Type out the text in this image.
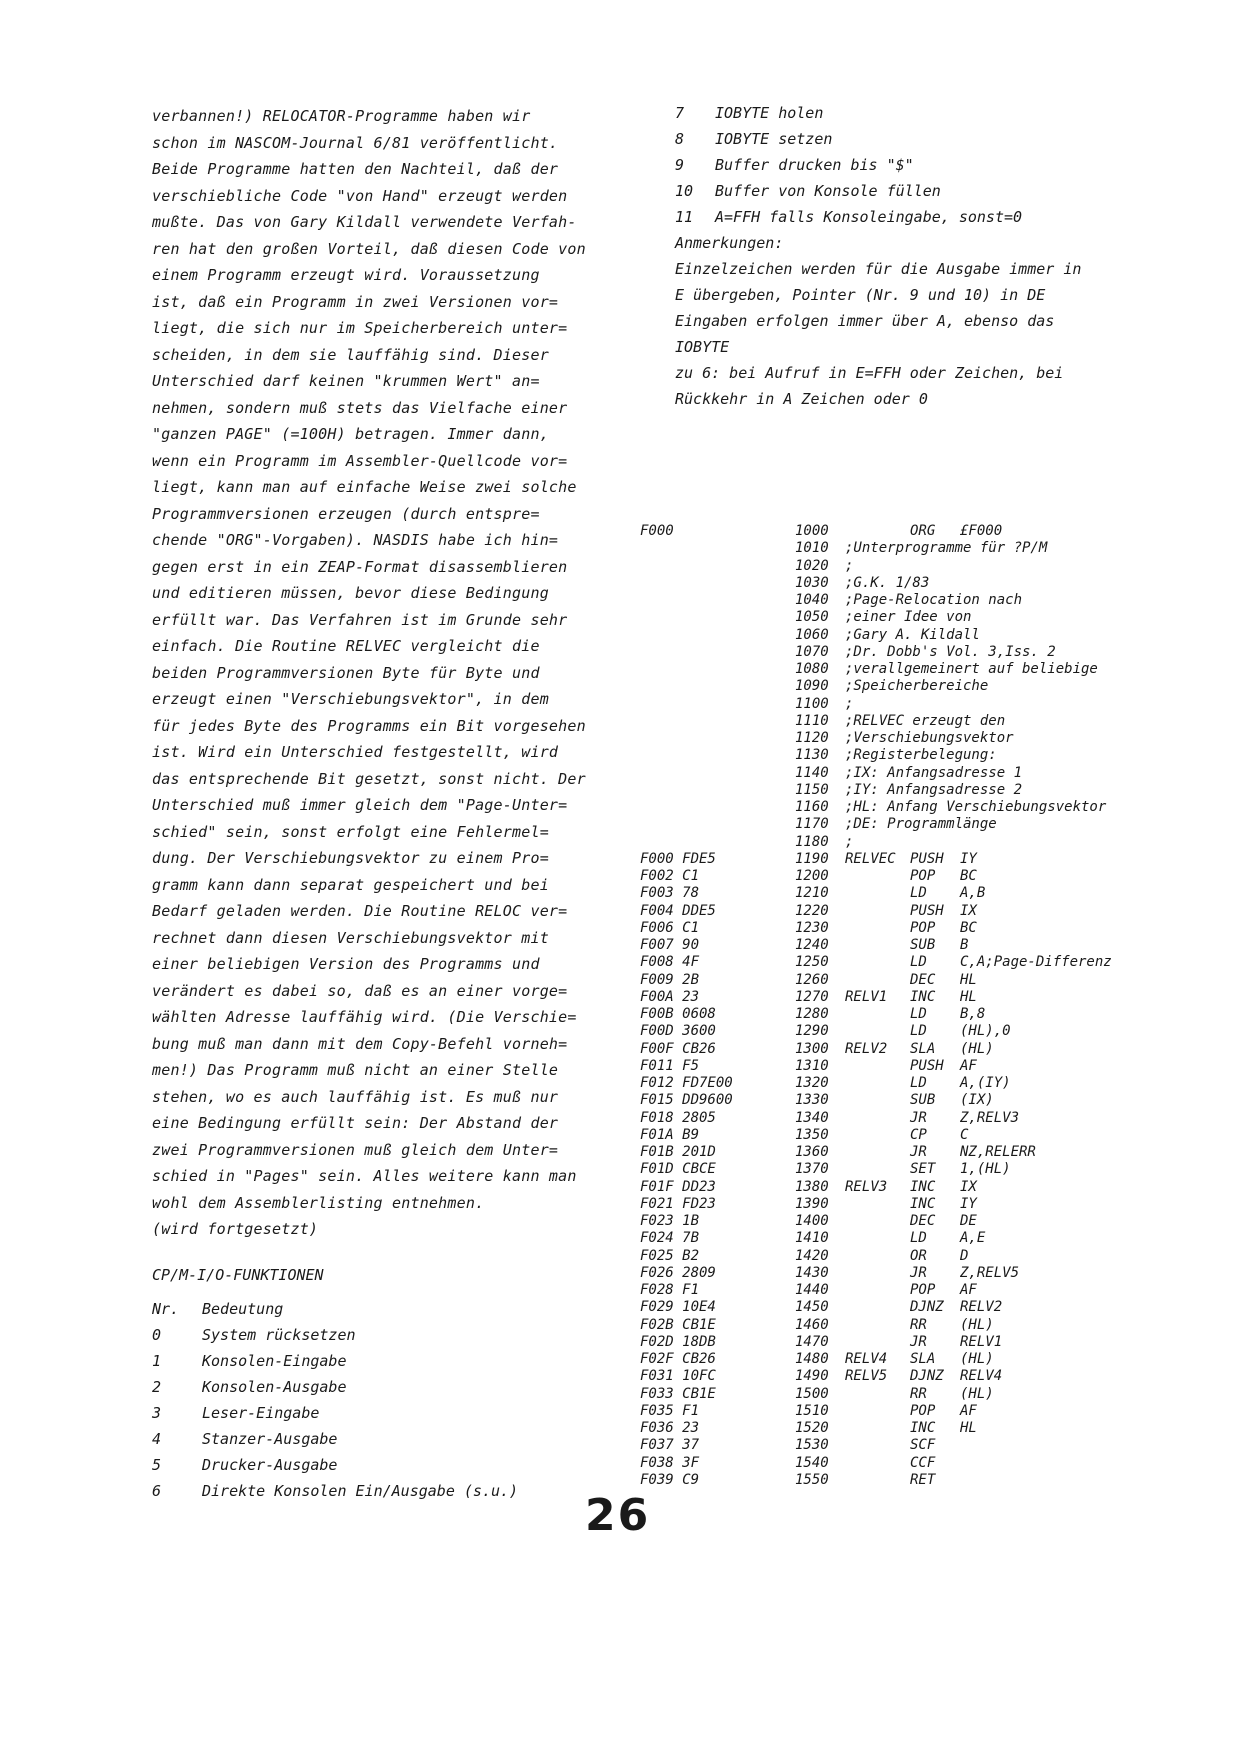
verbannen!) RELOCATOR-Programme haben wir
schon im NASCOM-Journal 6/81 veröffentlicht.
Beide Programme hatten den Nachteil, daß der
verschiebliche Code "von Hand" erzeugt werden
mußte. Das von Gary Kildall verwendete Verfah-
ren hat den großen Vorteil, daß diesen Code von
einem Programm erzeugt wird. Voraussetzung
ist, daß ein Programm in zwei Versionen vor=
liegt, die sich nur im Speicherbereich unter=
scheiden, in dem sie lauffähig sind. Dieser
Unterschied darf keinen "krummen Wert" an=
nehmen, sondern muß stets das Vielfache einer
"ganzen PAGE" (=100H) betragen. Immer dann,
wenn ein Programm im Assembler-Quellcode vor=
liegt, kann man auf einfache Weise zwei solche
Programmversionen erzeugen (durch entspre=
chende "ORG"-Vorgaben). NASDIS habe ich hin=
gegen erst in ein ZEAP-Format disassemblieren
und editieren müssen, bevor diese Bedingung
erfüllt war. Das Verfahren ist im Grunde sehr
einfach. Die Routine RELVEC vergleicht die
beiden Programmversionen Byte für Byte und
erzeugt einen "Verschiebungsvektor", in dem
für jedes Byte des Programms ein Bit vorgesehen
ist. Wird ein Unterschied festgestellt, wird
das entsprechende Bit gesetzt, sonst nicht. Der
Unterschied muß immer gleich dem "Page-Unter=
schied" sein, sonst erfolgt eine Fehlermel=
dung. Der Verschiebungsvektor zu einem Pro=
gramm kann dann separat gespeichert und bei
Bedarf geladen werden. Die Routine RELOC ver=
rechnet dann diesen Verschiebungsvektor mit
einer beliebigen Version des Programms und
verändert es dabei so, daß es an einer vorge=
wählten Adresse lauffähig wird. (Die Verschie=
bung muß man dann mit dem Copy-Befehl vorneh=
men!) Das Programm muß nicht an einer Stelle
stehen, wo es auch lauffähig ist. Es muß nur
eine Bedingung erfüllt sein: Der Abstand der
zwei Programmversionen muß gleich dem Unter=
schied in "Pages" sein. Alles weitere kann man
wohl dem Assemblerlisting entnehmen.
(wird fortgesetzt)
CP/M-I/O-FUNKTIONEN
Nr.	Bedeutung
0	System rücksetzen
1	Konsolen-Eingabe
2	Konsolen-Ausgabe
3	Leser-Eingabe
4	Stanzer-Ausgabe
5	Drucker-Ausgabe
6	Direkte Konsolen Ein/Ausgabe (s.u.)
7	IOBYTE holen
8	IOBYTE setzen
9	Buffer drucken bis "$"
10	Buffer von Konsole füllen
11	A=FFH falls Konsoleingabe, sonst=0
Anmerkungen:
Einzelzeichen werden für die Ausgabe immer in
E übergeben, Pointer (Nr. 9 und 10) in DE
Eingaben erfolgen immer über A, ebenso das
IOBYTE
zu 6: bei Aufruf in E=FFH oder Zeichen, bei
Rückkehr in A Zeichen oder 0
F000	1000	ORG £F000
1010 ;Unterprogramme für ?P/M
1020 ;
1030 ;G.K. 1/83
1040 ;Page-Relocation nach
1050 ;einer Idee von
1060 ;Gary A. Kildall
1070 ;Dr. Dobb's Vol. 3,Iss. 2
1080 ;verallgemeinert auf beliebige
1090 ;Speicherbereiche
1100 ;
1110 ;RELVEC erzeugt den
1120 ;Verschiebungsvektor
1130 ;Registerbelegung:
1140 ;IX: Anfangsadresse 1
1150 ;IY: Anfangsadresse 2
1160 ;HL: Anfang Verschiebungsvektor
1170 ;DE: Programmlänge
1180 ;
F000 FDE5	1190 RELVEC PUSH IY
F002 C1	1200	POP BC
F003 78	1210	LD A,B
F004 DDE5	1220	PUSH IX
F006 C1	1230	POP BC
F007 90	1240	SUB B
F008 4F	1250	LD C,A;Page-Differenz
F009 2B	1260	DEC HL
F00A 23	1270 RELV1 INC HL
F00B 0608	1280	LD B,8
F00D 3600	1290	LD (HL),0
F00F CB26	1300 RELV2 SLA (HL)
F011 F5	1310	PUSH AF
F012 FD7E00	1320	LD A,(IY)
F015 DD9600	1330	SUB (IX)
F018 2805	1340	JR Z,RELV3
F01A B9	1350	CP C
F01B 201D	1360	JR NZ,RELERR
F01D CBCE	1370	SET 1,(HL)
F01F DD23	1380 RELV3 INC IX
F021 FD23	1390	INC IY
F023 1B	1400	DEC DE
F024 7B	1410	LD A,E
F025 B2	1420	OR D
F026 2809	1430	JR Z,RELV5
F028 F1	1440	POP AF
F029 10E4	1450	DJNZ RELV2
F02B CB1E	1460	RR (HL)
F02D 18DB	1470	JR RELV1
F02F CB26	1480 RELV4 SLA (HL)
F031 10FC	1490 RELV5 DJNZ RELV4
F033 CB1E	1500	RR (HL)
F035 F1	1510	POP AF
F036 23	1520	INC HL
F037 37	1530	SCF
F038 3F	1540	CCF
F039 C9	1550	RET
26
